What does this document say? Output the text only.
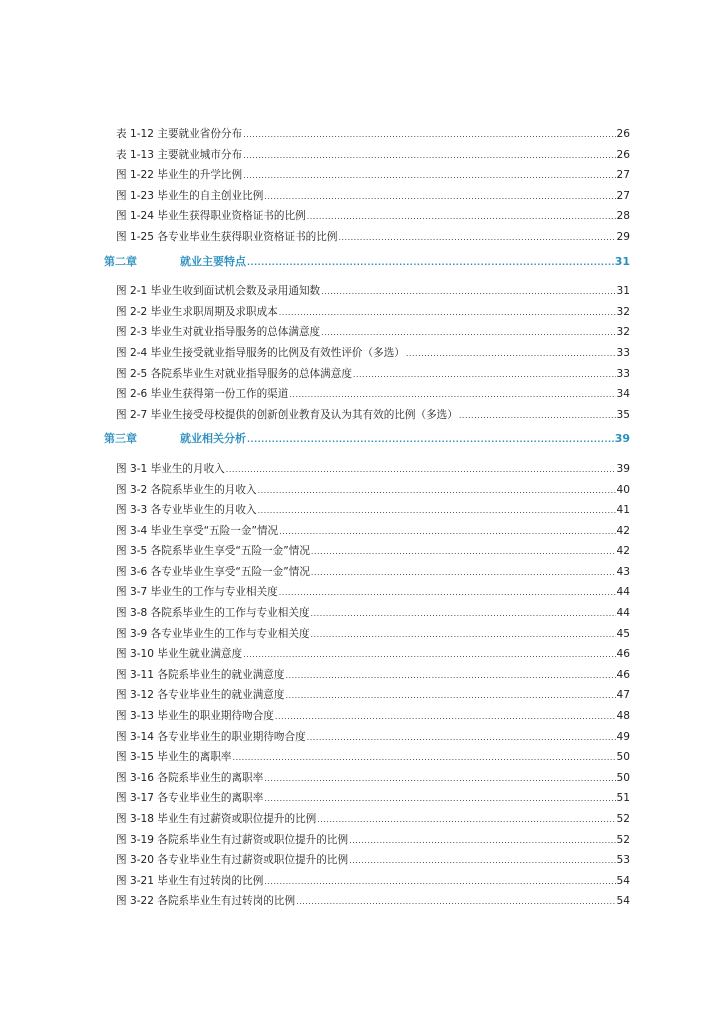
表 1-12 主要就业省份分布 .....	26
表 1-13 主要就业城市分布 .....	26
图 1-22 毕业生的升学比例 .....	27
图 1-23 毕业生的自主创业比例 .....	27
图 1-24 毕业生获得职业资格证书的比例 .....	28
图 1-25 各专业毕业生获得职业资格证书的比例 .....	29
第二章	就业主要特点 .....	31
图 2-1 毕业生收到面试机会数及录用通知数 .....	31
图 2-2 毕业生求职周期及求职成本 .....	32
图 2-3 毕业生对就业指导服务的总体满意度 .....	32
图 2-4 毕业生接受就业指导服务的比例及有效性评价（多选） .....	33
图 2-5 各院系毕业生对就业指导服务的总体满意度 .....	33
图 2-6 毕业生获得第一份工作的渠道 .....	34
图 2-7 毕业生接受母校提供的创新创业教育及认为其有效的比例（多选） .....	35
第三章	就业相关分析 .....	39
图 3-1 毕业生的月收入 .....	39
图 3-2 各院系毕业生的月收入 .....	40
图 3-3 各专业毕业生的月收入 .....	41
图 3-4 毕业生享受“五险一金”情况 .....	42
图 3-5 各院系毕业生享受“五险一金”情况 .....	42
图 3-6 各专业毕业生享受“五险一金”情况 .....	43
图 3-7 毕业生的工作与专业相关度 .....	44
图 3-8 各院系毕业生的工作与专业相关度 .....	44
图 3-9 各专业毕业生的工作与专业相关度 .....	45
图 3-10 毕业生就业满意度 .....	46
图 3-11 各院系毕业生的就业满意度 .....	46
图 3-12 各专业毕业生的就业满意度 .....	47
图 3-13 毕业生的职业期待吻合度 .....	48
图 3-14 各专业毕业生的职业期待吻合度 .....	49
图 3-15 毕业生的离职率 .....	50
图 3-16 各院系毕业生的离职率 .....	50
图 3-17 各专业毕业生的离职率 .....	51
图 3-18 毕业生有过薪资或职位提升的比例 .....	52
图 3-19 各院系毕业生有过薪资或职位提升的比例 .....	52
图 3-20 各专业毕业生有过薪资或职位提升的比例 .....	53
图 3-21 毕业生有过转岗的比例 .....	54
图 3-22 各院系毕业生有过转岗的比例 .....	54
